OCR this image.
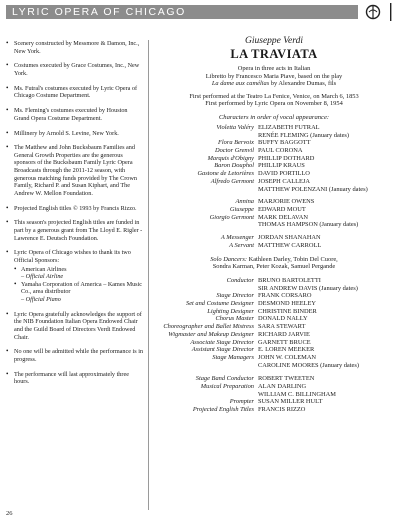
LYRIC OPERA OF CHICAGO
• Scenery constructed by Messmore & Damon, Inc., New York.
• Costumes executed by Grace Costumes, Inc., New York.
• Ms. Futral's costumes executed by Lyric Opera of Chicago Costume Department.
• Ms. Fleming's costumes executed by Houston Grand Opera Costume Department.
• Millinery by Arnold S. Levine, New York.
• The Matthew and John Bucksbaum Families and General Growth Properties are the generous sponsors of the Bucksbaum Family Lyric Opera Broadcasts through the 2011-12 season, with generous matching funds provided by The Crown Family, Richard P. and Susan Kiphart, and The Andrew W. Mellon Foundation.
• Projected English titles © 1993 by Francis Rizzo.
• This season's projected English titles are funded in part by a generous grant from The Lloyd E. Rigler - Lawrence E. Deutsch Foundation.
• Lyric Opera of Chicago wishes to thank its two Official Sponsors:
• American Airlines
– Official Airline
• Yamaha Corporation of America – Kames Music Co., area distributor
– Official Piano
• Lyric Opera gratefully acknowledges the support of the NIB Foundation Italian Opera Endowed Chair and the Guild Board of Directors Verdi Endowed Chair.
• No one will be admitted while the performance is in progress.
• The performance will last approximately three hours.
Giuseppe Verdi
LA TRAVIATA
Opera in three acts in Italian
Libretto by Francesco Maria Piave, based on the play
La dame aux camélias by Alexandre Dumas, fils
First performed at the Teatro La Fenice, Venice, on March 6, 1853
First performed by Lyric Opera on November 8, 1954
Characters in order of vocal appearance:
Violetta Valéry ELIZABETH FUTRAL
RENÉE FLEMING (January dates)
Flora Bervoix BUFFY BAGGOTT
Doctor Grenvil PAUL CORONA
Marquis d'Obigny PHILLIP DOTHARD
Baron Douphol PHILLIP KRAUS
Gastone de Letorières DAVID PORTILLO
Alfredo Germont JOSEPH CALLEJA
MATTHEW POLENZANI (January dates)
Annina MARJORIE OWENS
Giuseppe EDWARD MOUT
Giorgio Germont MARK DELAVAN
THOMAS HAMPSON (January dates)
A Messenger JORDAN SHANAHAN
A Servant MATTHEW CARROLL
Solo Dancers: Kathleen Darley, Tobin Del Cuore,
Sondra Karman, Peter Kozak, Samuel Pergande
Conductor BRUNO BARTOLETTI
SIR ANDREW DAVIS (January dates)
Stage Director FRANK CORSARO
Set and Costume Designer DESMOND HEELEY
Lighting Designer CHRISTINE BINDER
Chorus Master DONALD NALLY
Choreographer and Ballet Mistress SARA STEWART
Wigmaster and Makeup Designer RICHARD JARVIE
Associate Stage Director GARNETT BRUCE
Assistant Stage Director E. LOREN MEEKER
Stage Managers JOHN W. COLEMAN
CAROLINE MOORES (January dates)
Stage Band Conductor ROBERT TWEETEN
Musical Preparation ALAN DARLING
WILLIAM C. BILLINGHAM
Prompter SUSAN MILLER HULT
Projected English Titles FRANCIS RIZZO
26
